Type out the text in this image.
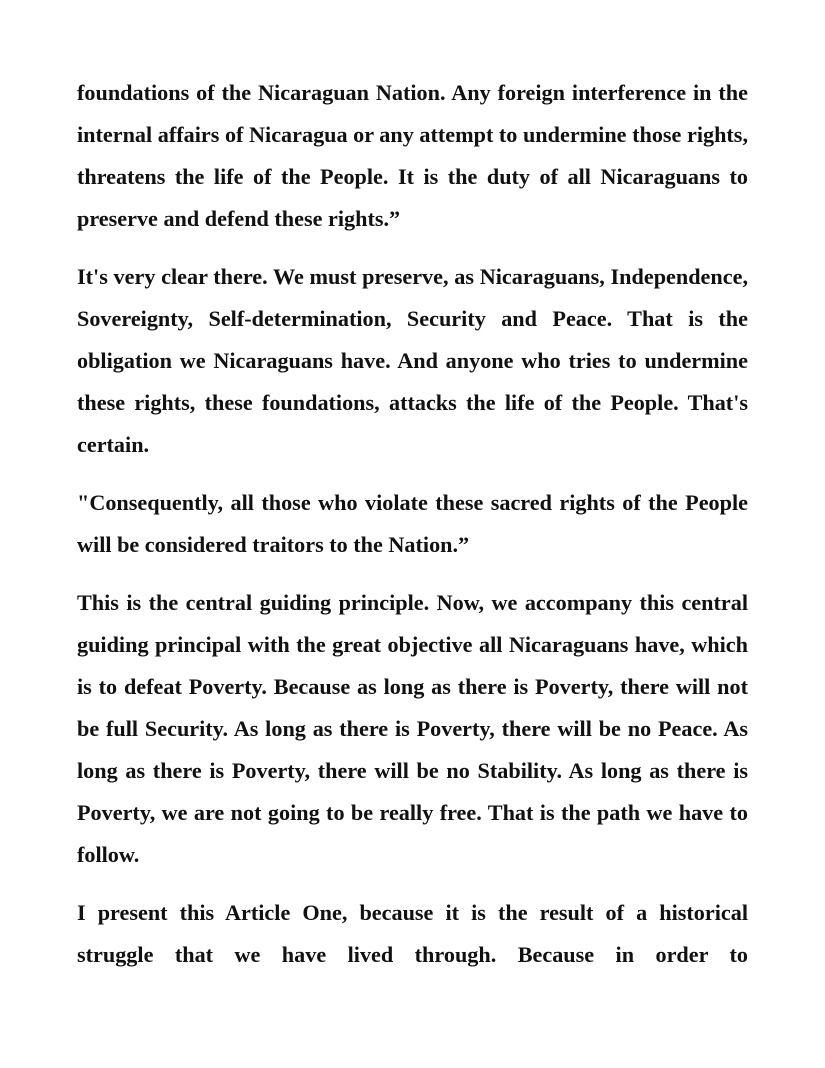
foundations of the Nicaraguan Nation. Any foreign interference in the internal affairs of Nicaragua or any attempt to undermine those rights, threatens the life of the People. It is the duty of all Nicaraguans to preserve and defend these rights.”

It's very clear there. We must preserve, as Nicaraguans, Independence, Sovereignty, Self-determination, Security and Peace. That is the obligation we Nicaraguans have. And anyone who tries to undermine these rights, these foundations, attacks the life of the People. That's certain.

"Consequently, all those who violate these sacred rights of the People will be considered traitors to the Nation.”

This is the central guiding principle. Now, we accompany this central guiding principal with the great objective all Nicaraguans have, which is to defeat Poverty. Because as long as there is Poverty, there will not be full Security. As long as there is Poverty, there will be no Peace. As long as there is Poverty, there will be no Stability. As long as there is Poverty, we are not going to be really free. That is the path we have to follow.

I present this Article One, because it is the result of a historical struggle that we have lived through. Because in order to
